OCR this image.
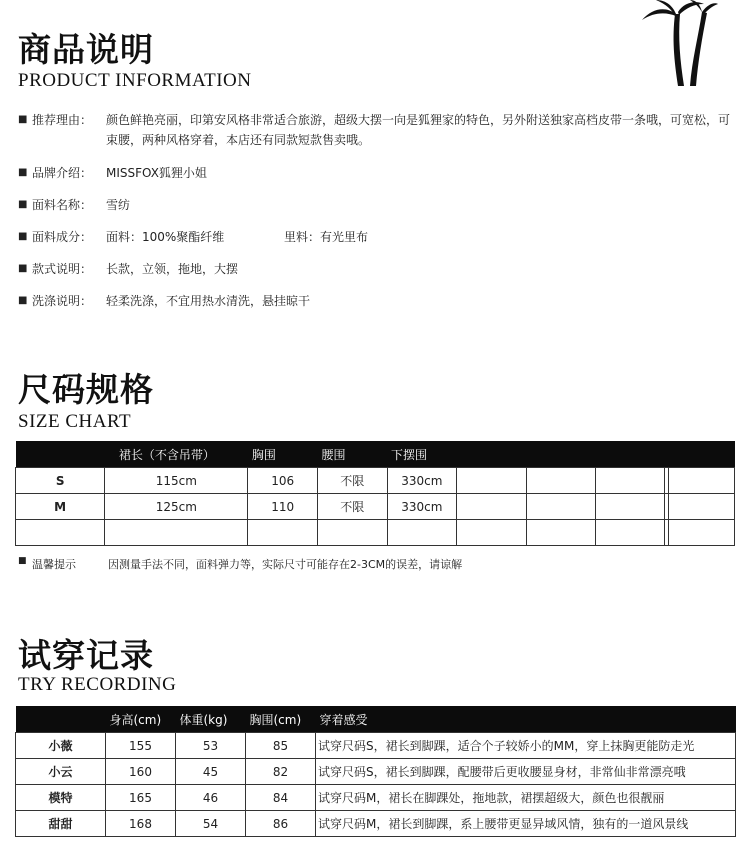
商品说明
PRODUCT INFORMATION
■ 推荐理由：	颜色鲜艳亮丽，印第安风格非常适合旅游，超级大摆一向是狐狸家的特色，另外附送独家高档皮带一条哦，可宽松，可束腰，两种风格穿着，本店还有同款短款售卖哦。
■ 品牌介绍：	MISSFOX狐狸小姐
■ 面料名称：	雪纺
■ 面料成分：	面料：100%聚酯纤维	里料：有光里布
■ 款式说明：	长款，立领，拖地，大摆
■ 洗涤说明：	轻柔洗涤，不宜用热水清洗，悬挂晾干
尺码规格
SIZE CHART
	裙长（不含吊带）	胸围	腰围	下摆围					
S	115cm	106	不限	330cm					
M	125cm	110	不限	330cm					

■ 温馨提示	因测量手法不同，面料弹力等，实际尺寸可能存在2-3CM的误差，请谅解
试穿记录
TRY RECORDING
	身高(cm)	体重(kg)	胸围(cm)	穿着感受
小薇	155	53	85	试穿尺码S，裙长到脚踝，适合个子较娇小的MM，穿上抹胸更能防走光
小云	160	45	82	试穿尺码S，裙长到脚踝，配腰带后更收腰显身材，非常仙非常漂亮哦
模特	165	46	84	试穿尺码M，裙长在脚踝处，拖地款，裙摆超级大，颜色也很靓丽
甜甜	168	54	86	试穿尺码M，裙长到脚踝，系上腰带更显异域风情，独有的一道风景线
